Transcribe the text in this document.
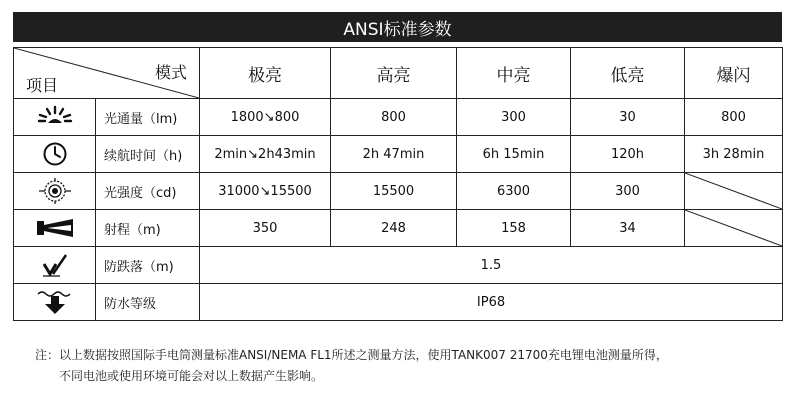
ANSI标准参数
模式
项目		极亮	高亮	中亮	低亮	爆闪

	光通量（lm)	1800↘800	800	300	30	800

	续航时间（h)	2min↘2h43min	2h 47min	6h 15min	120h	3h 28min

	光强度（cd)	31000↘15500	15500	6300	300	

	射程（m)	350	248	158	34	

	防跌落（m)	1.5				

	防水等级	IP68				
注：以上数据按照国际手电筒测量标准ANSI/NEMA FL1所述之测量方法，使用TANK007 21700充电锂电池测量所得，
不同电池或使用环境可能会对以上数据产生影响。
